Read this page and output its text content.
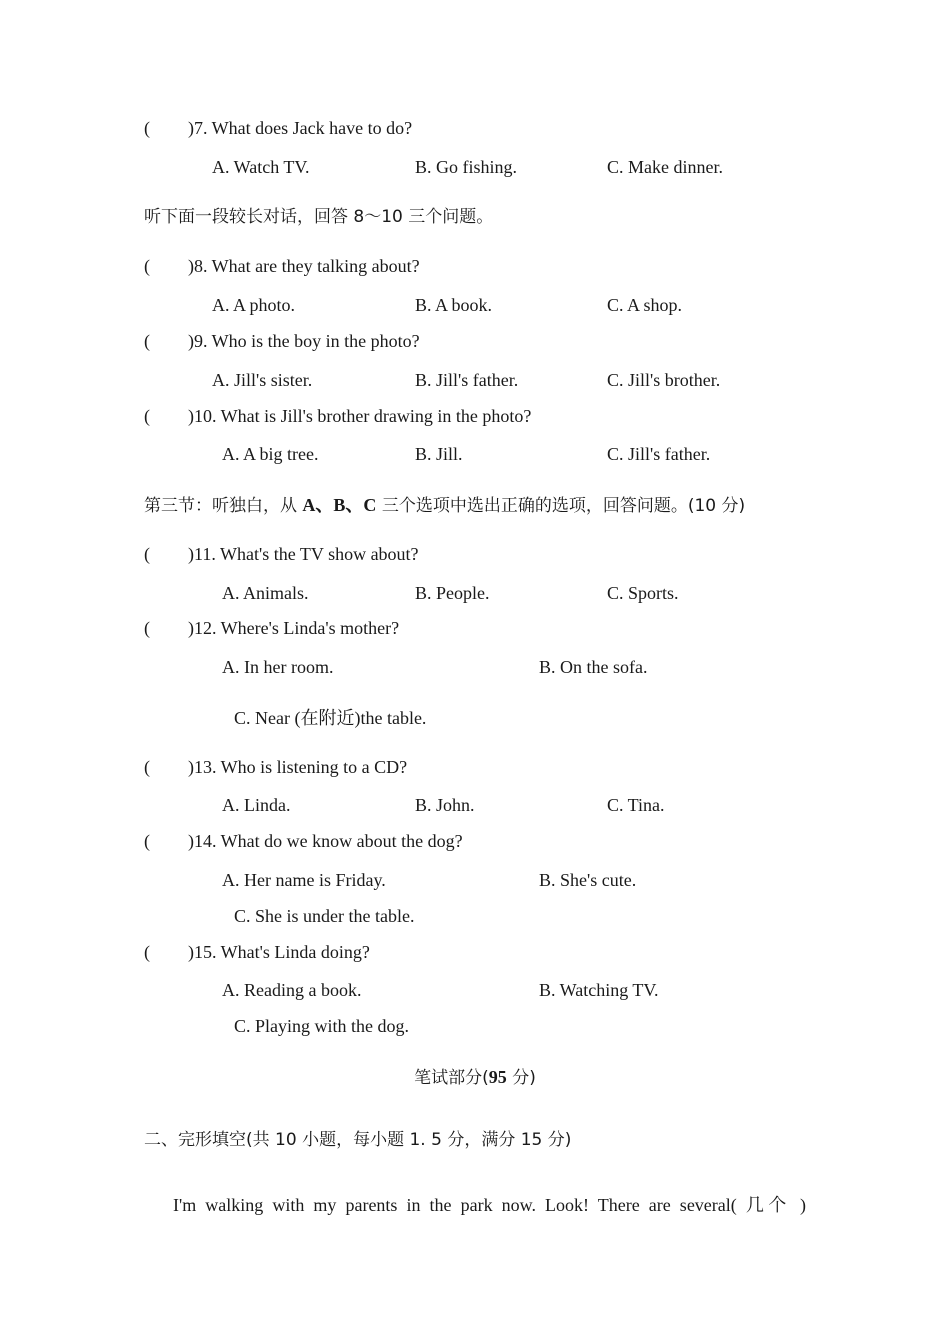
( )7. What does Jack have to do?
A. Watch TV.	B. Go fishing.	C. Make dinner.
听下面一段较长对话，回答 8～10 三个问题。
( )8. What are they talking about?
A. A photo.	B. A book.	C. A shop.
( )9. Who is the boy in the photo?
A. Jill's sister.	B. Jill's father.	C. Jill's brother.
( )10. What is Jill's brother drawing in the photo?
A. A big tree.	B. Jill.	C. Jill's father.
第三节：听独白，从 A、B、C 三个选项中选出正确的选项，回答问题。(10 分)
( )11. What's the TV show about?
A. Animals.	B. People.	C. Sports.
( )12. Where's Linda's mother?
A. In her room.	B. On the sofa.
C. Near (在附近)the table.
( )13. Who is listening to a CD?
A. Linda.	B. John.	C. Tina.
( )14. What do we know about the dog?
A. Her name is Friday.	B. She's cute.
C. She is under the table.
( )15. What's Linda doing?
A. Reading a book.	B. Watching TV.
C. Playing with the dog.
笔试部分(95 分)
二、完形填空(共 10 小题，每小题 1. 5 分，满分 15 分)
I'm walking with my parents in the park now. Look! There are several( 几个 )
